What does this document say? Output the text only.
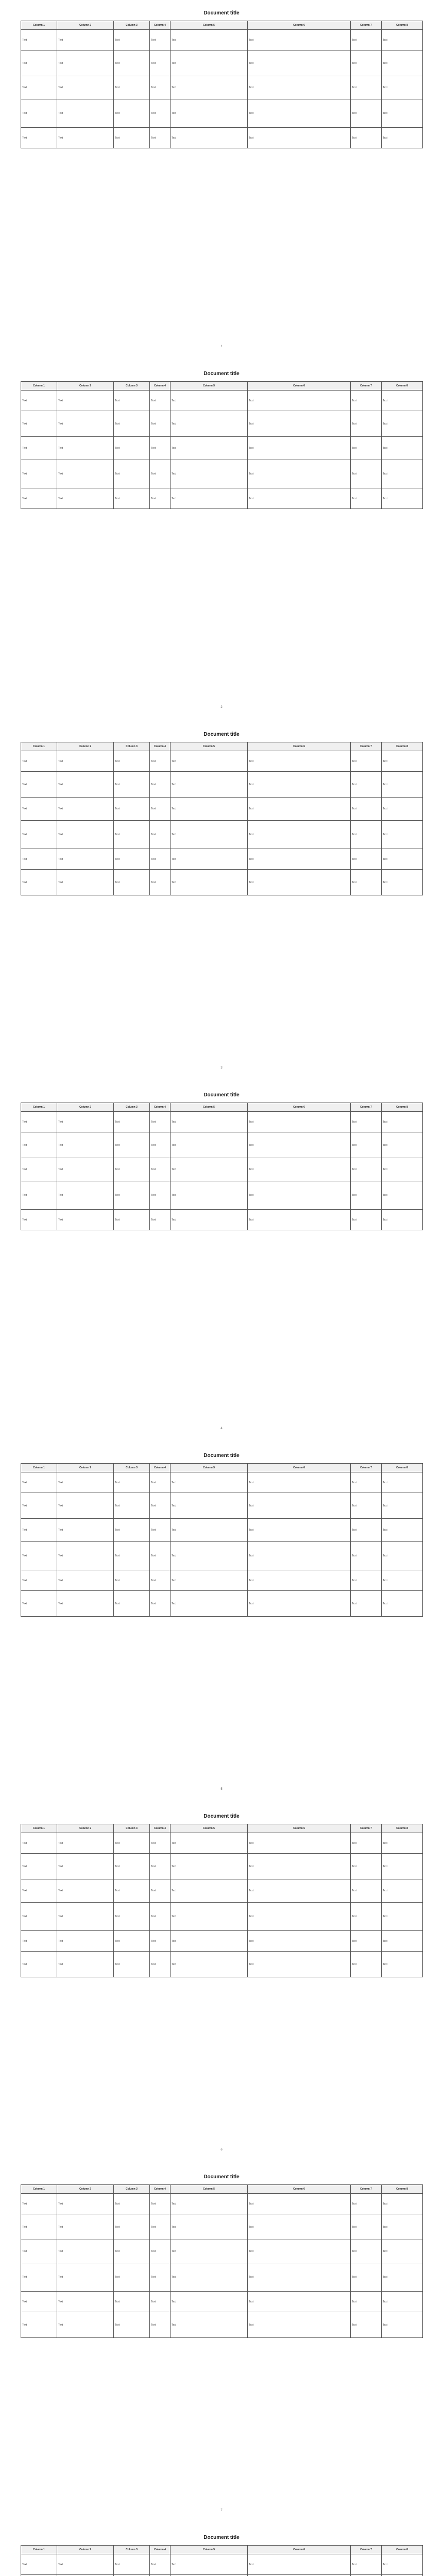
Document title
Column 1	Column 2	Column 3	Column 4	Column 5	Column 6	Column 7	Column 8
Text	Text	Text	Text	Text	Text	Text	Text
Text	Text	Text	Text	Text	Text	Text	Text
Text	Text	Text	Text	Text	Text	Text	Text
Text	Text	Text	Text	Text	Text	Text	Text
Text	Text	Text	Text	Text	Text	Text	Text
1
Document title
Column 1	Column 2	Column 3	Column 4	Column 5	Column 6	Column 7	Column 8
Text	Text	Text	Text	Text	Text	Text	Text
Text	Text	Text	Text	Text	Text	Text	Text
Text	Text	Text	Text	Text	Text	Text	Text
Text	Text	Text	Text	Text	Text	Text	Text
Text	Text	Text	Text	Text	Text	Text	Text
2
Document title
Column 1	Column 2	Column 3	Column 4	Column 5	Column 6	Column 7	Column 8
Text	Text	Text	Text	Text	Text	Text	Text
Text	Text	Text	Text	Text	Text	Text	Text
Text	Text	Text	Text	Text	Text	Text	Text
Text	Text	Text	Text	Text	Text	Text	Text
Text	Text	Text	Text	Text	Text	Text	Text
Text	Text	Text	Text	Text	Text	Text	Text
3
Document title
Column 1	Column 2	Column 3	Column 4	Column 5	Column 6	Column 7	Column 8
Text	Text	Text	Text	Text	Text	Text	Text
Text	Text	Text	Text	Text	Text	Text	Text
Text	Text	Text	Text	Text	Text	Text	Text
Text	Text	Text	Text	Text	Text	Text	Text
Text	Text	Text	Text	Text	Text	Text	Text
4
Document title
Column 1	Column 2	Column 3	Column 4	Column 5	Column 6	Column 7	Column 8
Text	Text	Text	Text	Text	Text	Text	Text
Text	Text	Text	Text	Text	Text	Text	Text
Text	Text	Text	Text	Text	Text	Text	Text
Text	Text	Text	Text	Text	Text	Text	Text
Text	Text	Text	Text	Text	Text	Text	Text
Text	Text	Text	Text	Text	Text	Text	Text
5
Document title
Column 1	Column 2	Column 3	Column 4	Column 5	Column 6	Column 7	Column 8
Text	Text	Text	Text	Text	Text	Text	Text
Text	Text	Text	Text	Text	Text	Text	Text
Text	Text	Text	Text	Text	Text	Text	Text
Text	Text	Text	Text	Text	Text	Text	Text
Text	Text	Text	Text	Text	Text	Text	Text
Text	Text	Text	Text	Text	Text	Text	Text
6
Document title
Column 1	Column 2	Column 3	Column 4	Column 5	Column 6	Column 7	Column 8
Text	Text	Text	Text	Text	Text	Text	Text
Text	Text	Text	Text	Text	Text	Text	Text
Text	Text	Text	Text	Text	Text	Text	Text
Text	Text	Text	Text	Text	Text	Text	Text
Text	Text	Text	Text	Text	Text	Text	Text
Text	Text	Text	Text	Text	Text	Text	Text
7
Document title
Column 1	Column 2	Column 3	Column 4	Column 5	Column 6	Column 7	Column 8
Text	Text	Text	Text	Text	Text	Text	Text
